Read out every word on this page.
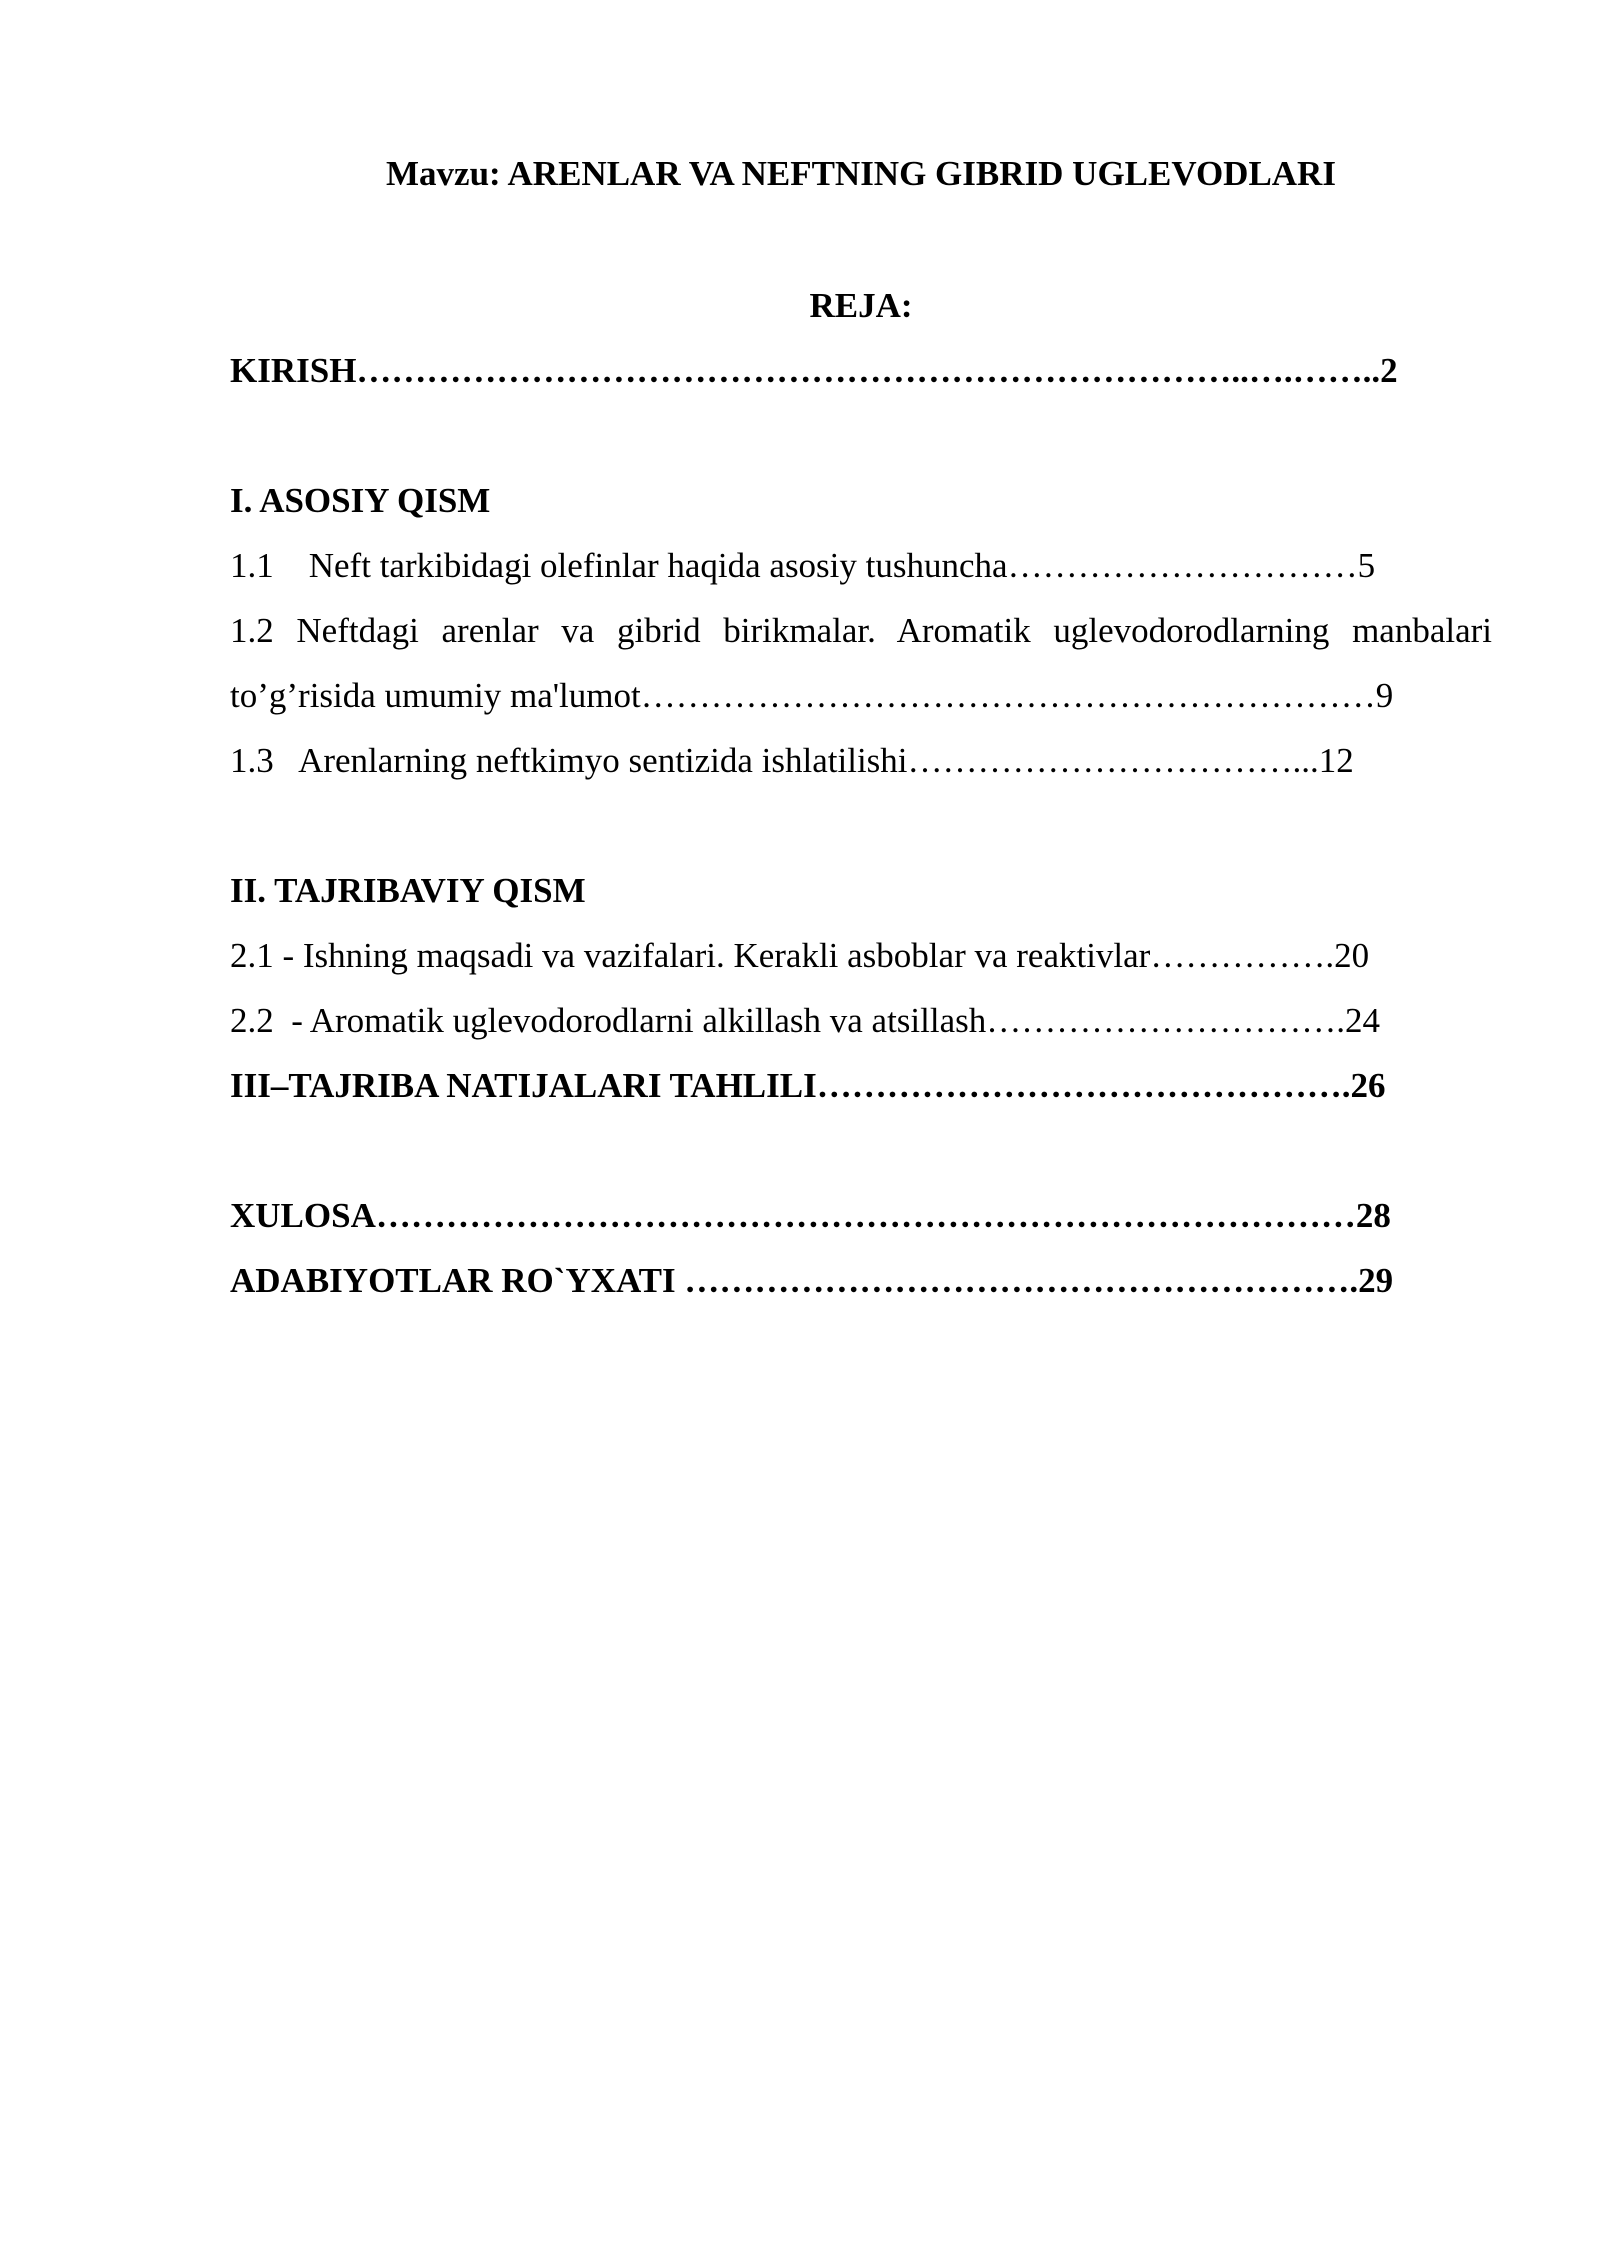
Mavzu: ARENLAR VA NEFTNING GIBRID UGLEVODLARI
REJA:
KIRISH…………………………………………………………………..….……..2
I. ASOSIY QISM
1.1    Neft tarkibidagi olefinlar haqida asosiy tushuncha…………………………5
1.2 Neftdagi arenlar va gibrid birikmalar. Aromatik uglevodorodlarning manbalari
to’g’risida umumiy ma'lumot………………………………………………………9
1.3   Arenlarning neftkimyo sentizida ishlatilishi……………………………...12
II. TAJRIBAVIY QISM
2.1 - Ishning maqsadi va vazifalari. Kerakli asboblar va reaktivlar…………….20
2.2  - Aromatik uglevodorodlarni alkillash va atsillash………………………….24
III–TAJRIBA NATIJALARI TAHLILI……………………………………….26
XULOSA…………………………………………………………………………28
ADABIYOTLAR RO`YXATI ………………………………………………….29
